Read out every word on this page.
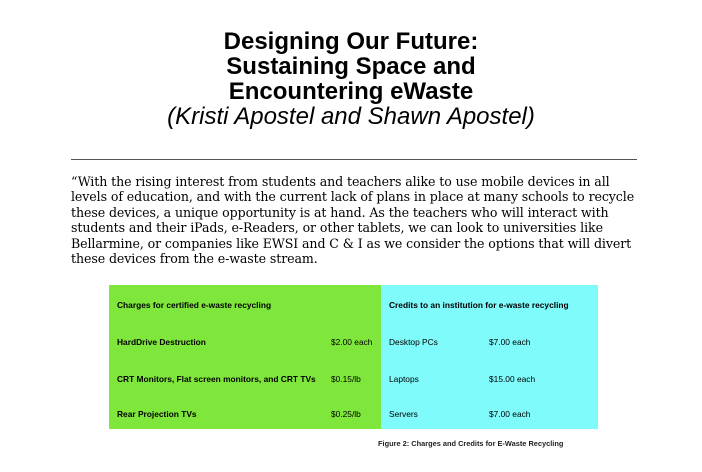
Designing Our Future:
Sustaining Space and
Encountering eWaste
(Kristi Apostel and Shawn Apostel)
“With the rising interest from students and teachers alike to use mobile devices in all levels of education, and with the current lack of plans in place at many schools to recycle these devices, a unique opportunity is at hand. As the teachers who will interact with students and their iPads, e-Readers, or other tablets, we can look to universities like Bellarmine, or companies like EWSI and C & I as we consider the options that will divert these devices from the e-waste stream.
Charges for certified e-waste recycling		Credits to an institution for e-waste recycling	
HardDrive Destruction	$2.00 each	Desktop PCs	$7.00 each
CRT Monitors, Flat screen monitors, and CRT TVs	$0.15/lb	Laptops	$15.00 each
Rear Projection TVs	$0.25/lb	Servers	$7.00 each
Figure 2: Charges and Credits for E-Waste Recycling
